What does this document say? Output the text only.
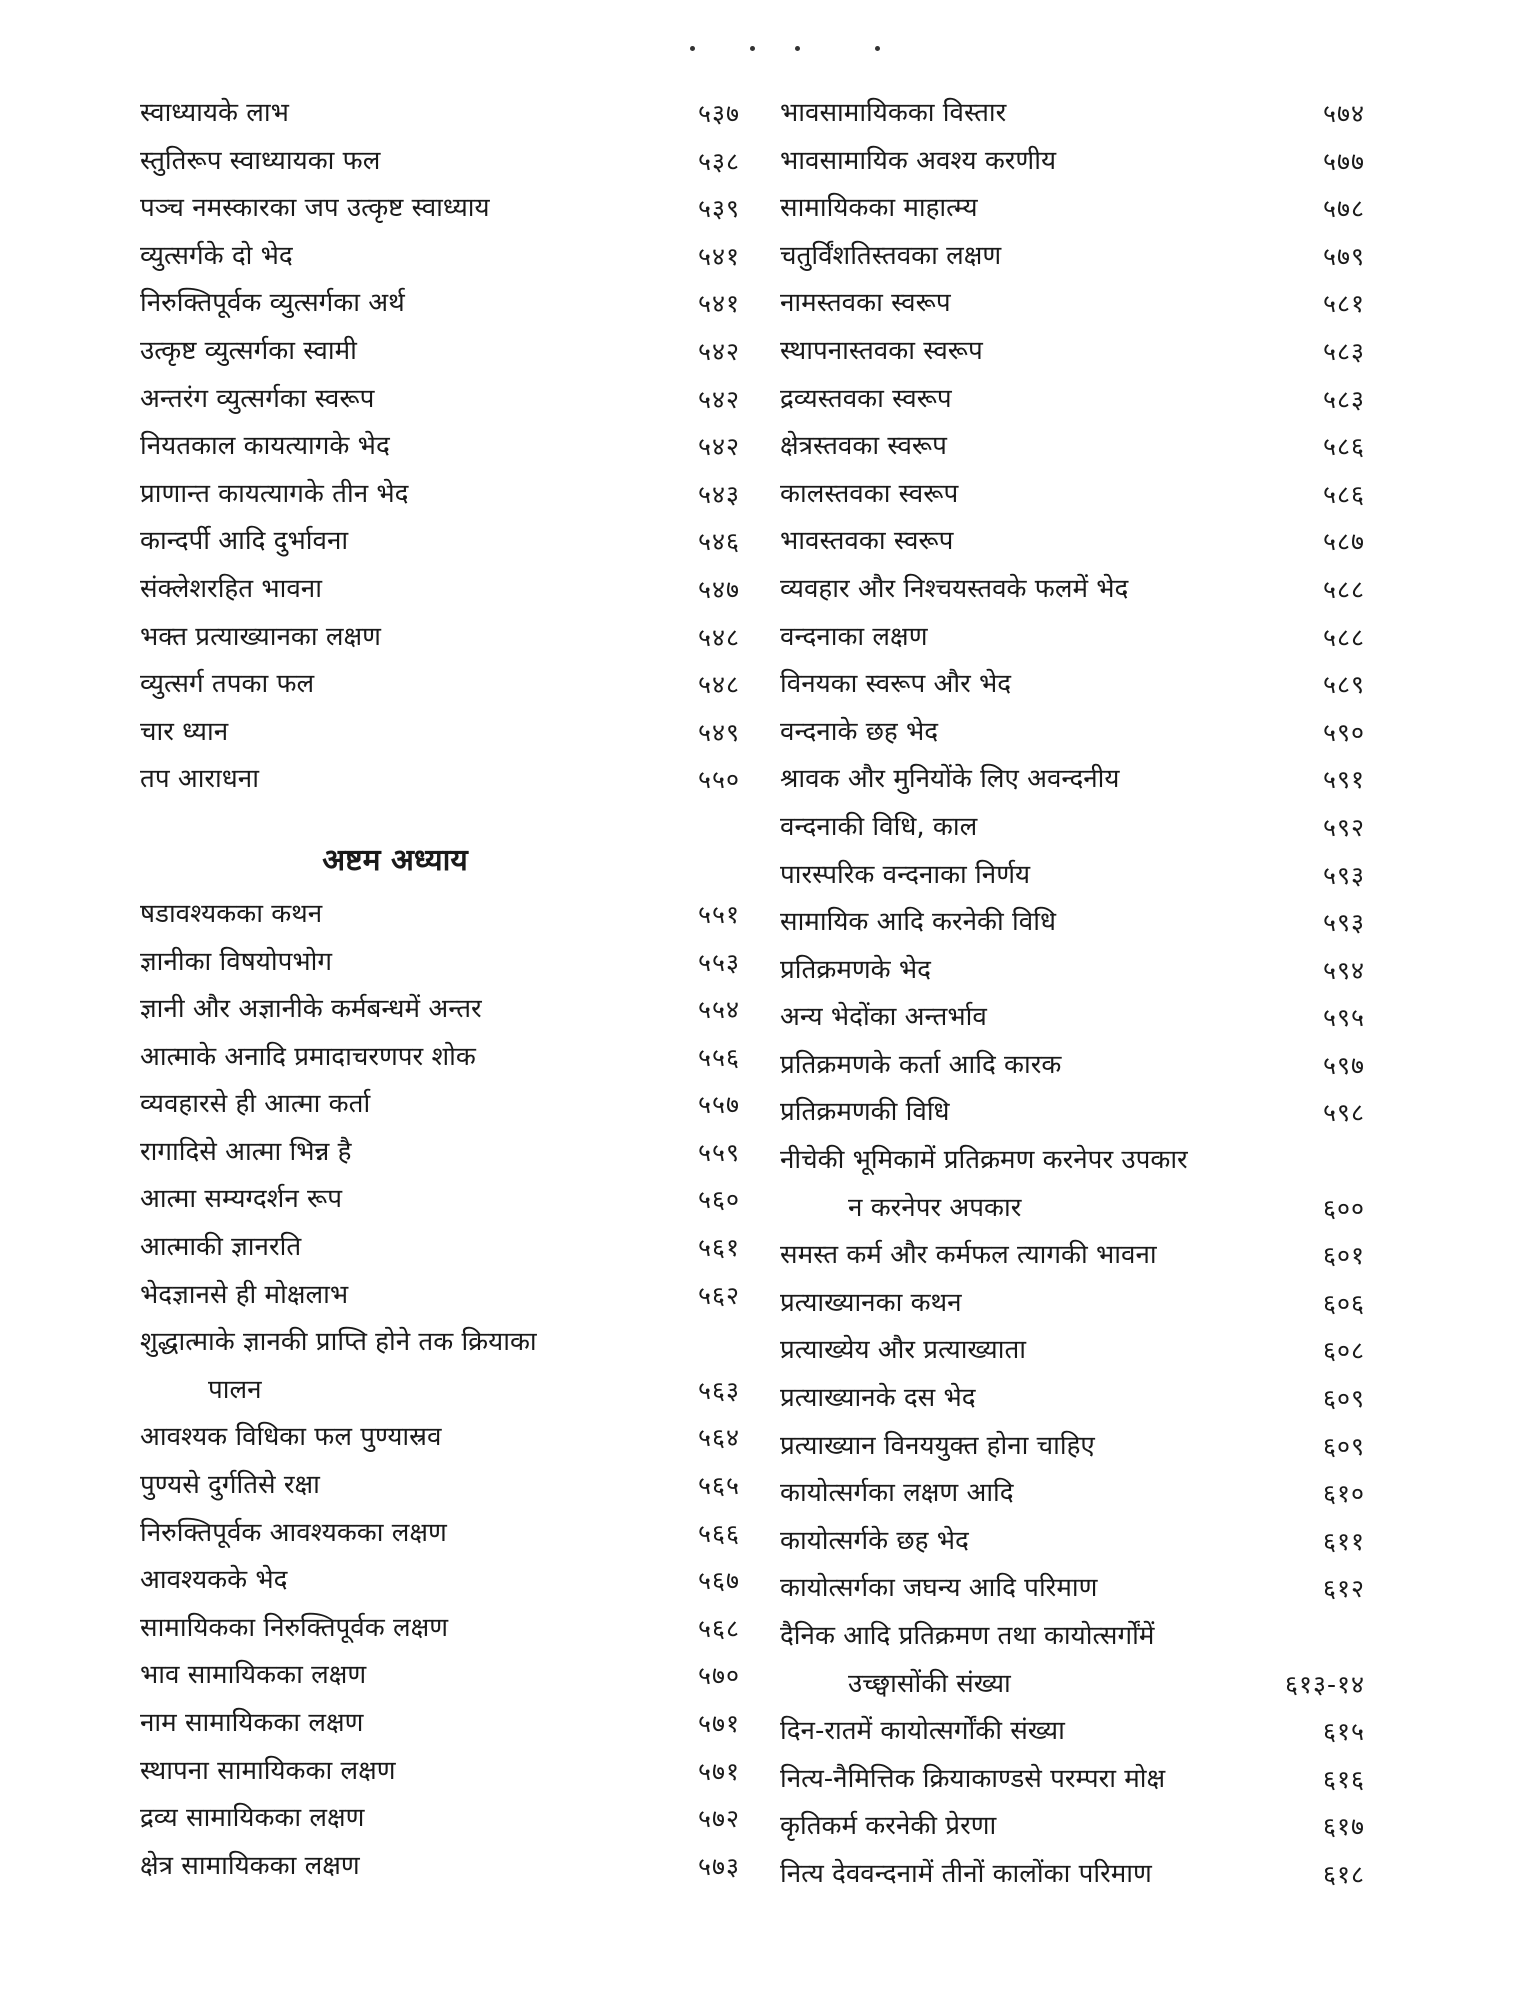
स्वाध्यायके लाभ	५३७
स्तुतिरूप स्वाध्यायका फल	५३८
पञ्च नमस्कारका जप उत्कृष्ट स्वाध्याय	५३९
व्युत्सर्गके दो भेद	५४१
निरुक्तिपूर्वक व्युत्सर्गका अर्थ	५४१
उत्कृष्ट व्युत्सर्गका स्वामी	५४२
अन्तरंग व्युत्सर्गका स्वरूप	५४२
नियतकाल कायत्यागके भेद	५४२
प्राणान्त कायत्यागके तीन भेद	५४३
कान्दर्पी आदि दुर्भावना	५४६
संक्लेशरहित भावना	५४७
भक्त प्रत्याख्यानका लक्षण	५४८
व्युत्सर्ग तपका फल	५४८
चार ध्यान	५४९
तप आराधना	५५०
अष्टम अध्याय
षडावश्यकका कथन	५५१
ज्ञानीका विषयोपभोग	५५३
ज्ञानी और अज्ञानीके कर्मबन्धमें अन्तर	५५४
आत्माके अनादि प्रमादाचरणपर शोक	५५६
व्यवहारसे ही आत्मा कर्ता	५५७
रागादिसे आत्मा भिन्न है	५५९
आत्मा सम्यग्दर्शन रूप	५६०
आत्माकी ज्ञानरति	५६१
भेदज्ञानसे ही मोक्षलाभ	५६२
शुद्धात्माके ज्ञानकी प्राप्ति होने तक क्रियाका
पालन	५६३
आवश्यक विधिका फल पुण्यास्रव	५६४
पुण्यसे दुर्गतिसे रक्षा	५६५
निरुक्तिपूर्वक आवश्यकका लक्षण	५६६
आवश्यकके भेद	५६७
सामायिकका निरुक्तिपूर्वक लक्षण	५६८
भाव सामायिकका लक्षण	५७०
नाम सामायिकका लक्षण	५७१
स्थापना सामायिकका लक्षण	५७१
द्रव्य सामायिकका लक्षण	५७२
क्षेत्र सामायिकका लक्षण	५७३
भावसामायिकका विस्तार	५७४
भावसामायिक अवश्य करणीय	५७७
सामायिकका माहात्म्य	५७८
चतुर्विंशतिस्तवका लक्षण	५७९
नामस्तवका स्वरूप	५८१
स्थापनास्तवका स्वरूप	५८३
द्रव्यस्तवका स्वरूप	५८३
क्षेत्रस्तवका स्वरूप	५८६
कालस्तवका स्वरूप	५८६
भावस्तवका स्वरूप	५८७
व्यवहार और निश्चयस्तवके फलमें भेद	५८८
वन्दनाका लक्षण	५८८
विनयका स्वरूप और भेद	५८९
वन्दनाके छह भेद	५९०
श्रावक और मुनियोंके लिए अवन्दनीय	५९१
वन्दनाकी विधि, काल	५९२
पारस्परिक वन्दनाका निर्णय	५९३
सामायिक आदि करनेकी विधि	५९३
प्रतिक्रमणके भेद	५९४
अन्य भेदोंका अन्तर्भाव	५९५
प्रतिक्रमणके कर्ता आदि कारक	५९७
प्रतिक्रमणकी विधि	५९८
नीचेकी भूमिकामें प्रतिक्रमण करनेपर उपकार
न करनेपर अपकार	६००
समस्त कर्म और कर्मफल त्यागकी भावना	६०१
प्रत्याख्यानका कथन	६०६
प्रत्याख्येय और प्रत्याख्याता	६०८
प्रत्याख्यानके दस भेद	६०९
प्रत्याख्यान विनययुक्त होना चाहिए	६०९
कायोत्सर्गका लक्षण आदि	६१०
कायोत्सर्गके छह भेद	६११
कायोत्सर्गका जघन्य आदि परिमाण	६१२
दैनिक आदि प्रतिक्रमण तथा कायोत्सर्गोंमें
उच्छ्वासोंकी संख्या	६१३-१४
दिन-रातमें कायोत्सर्गोंकी संख्या	६१५
नित्य-नैमित्तिक क्रियाकाण्डसे परम्परा मोक्ष	६१६
कृतिकर्म करनेकी प्रेरणा	६१७
नित्य देववन्दनामें तीनों कालोंका परिमाण	६१८
